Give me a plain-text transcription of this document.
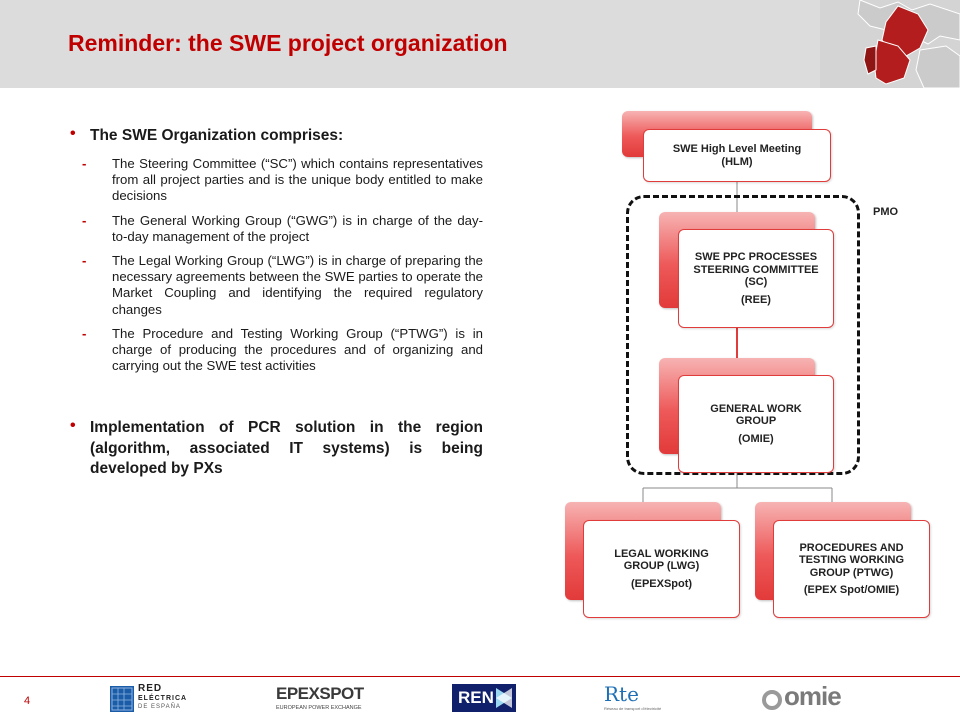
Reminder: the SWE project organization
• The SWE Organization comprises:
- The Steering Committee (“SC”) which contains representatives from all project parties and is the unique body entitled to make decisions
- The General Working Group (“GWG”) is in charge of the day-to-day management of the project
- The Legal Working Group (“LWG”) is in charge of preparing the necessary agreements between the SWE parties to operate the Market Coupling and identifying the required regulatory changes
- The Procedure and Testing Working Group (“PTWG”) is in charge of producing the procedures and of organizing and carrying out the SWE test activities
• Implementation of PCR solution in the region (algorithm, associated IT systems) is being developed by PXs
SWE High Level Meeting (HLM)
PMO
SWE PPC PROCESSES STEERING COMMITTEE (SC)
(REE)
GENERAL WORK GROUP
(OMIE)
LEGAL WORKING GROUP (LWG)
(EPEXSpot)
PROCEDURES AND TESTING WORKING GROUP (PTWG)
(EPEX Spot/OMIE)
4
RED
ELÉCTRICA
DE ESPAÑA
EPEXSPOT
EUROPEAN POWER EXCHANGE
REN	Rte
Réseau de transport d'électricité	omie
